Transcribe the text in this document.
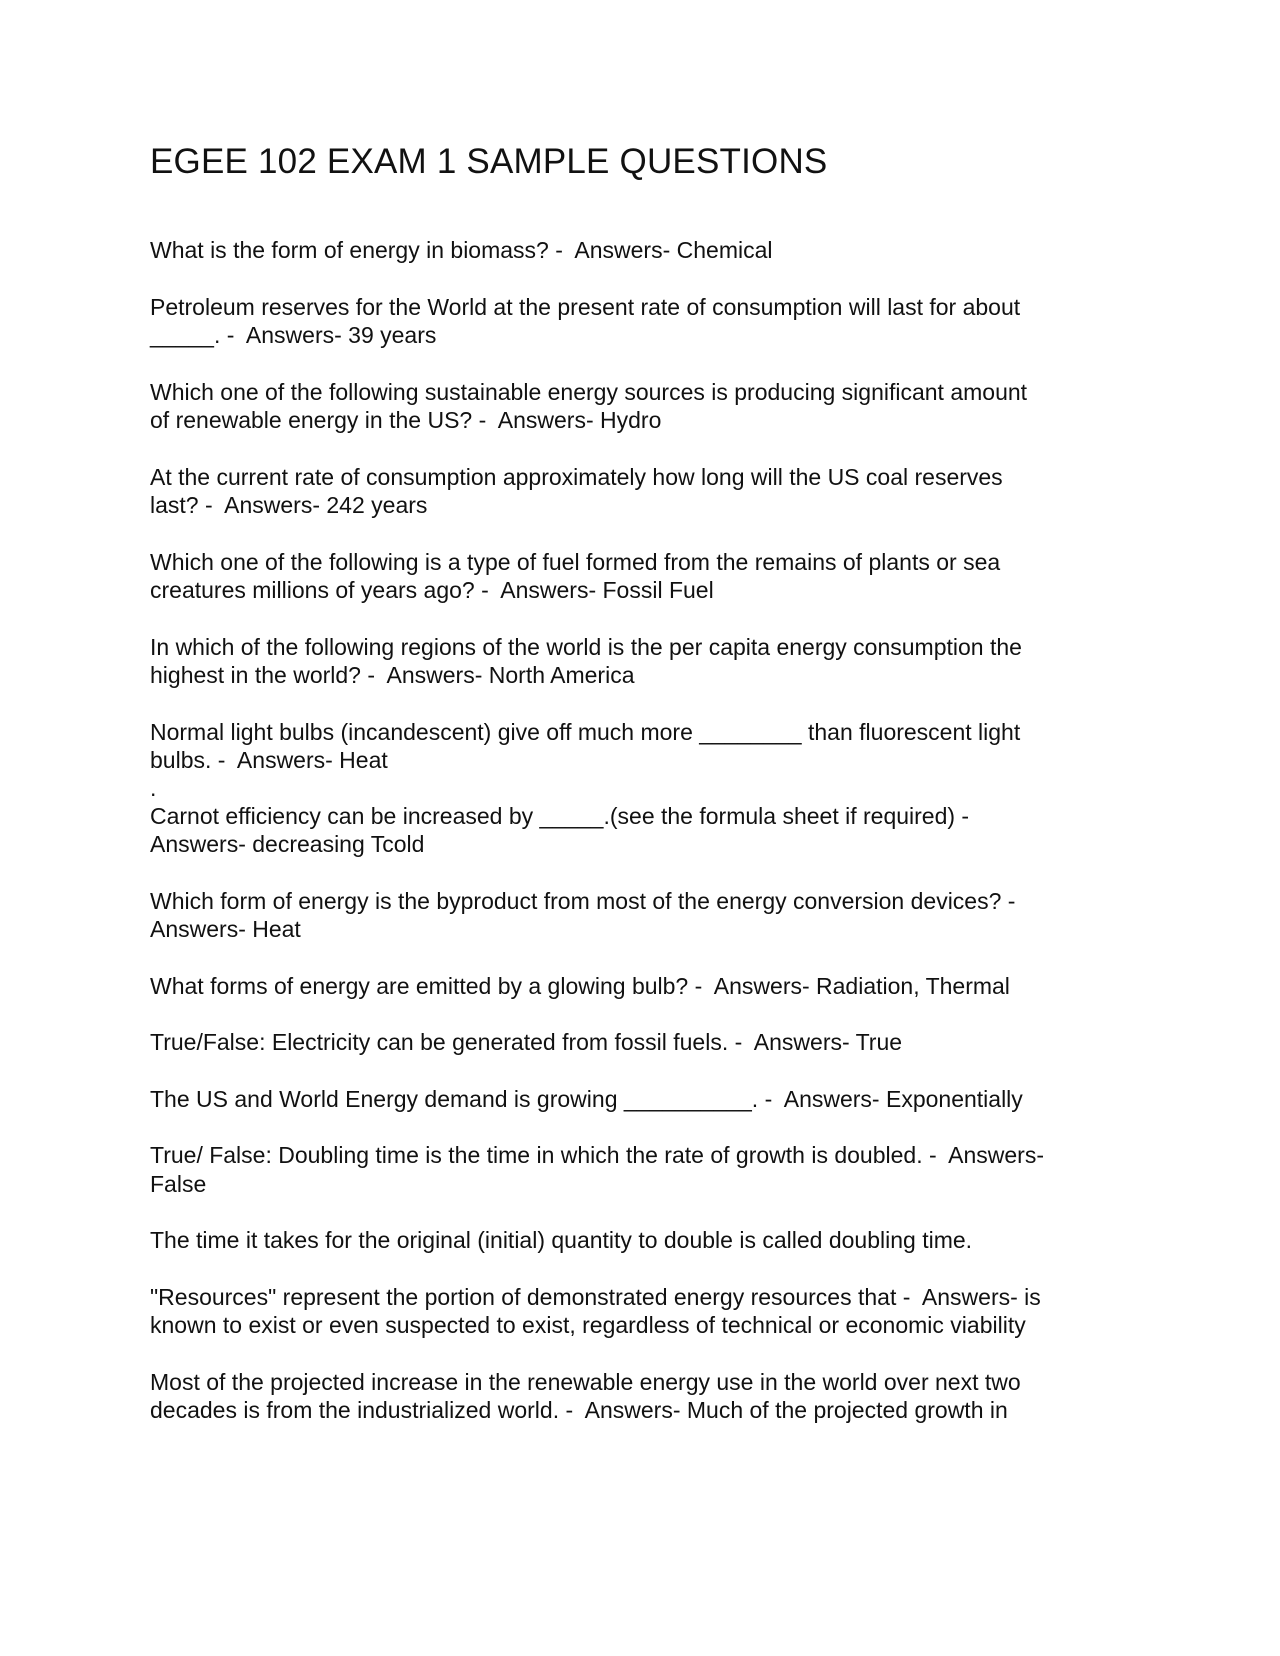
EGEE 102 EXAM 1 SAMPLE QUESTIONS

What is the form of energy in biomass? -  Answers- Chemical

Petroleum reserves for the World at the present rate of consumption will last for about
_____. -  Answers- 39 years

Which one of the following sustainable energy sources is producing significant amount
of renewable energy in the US? -  Answers- Hydro

At the current rate of consumption approximately how long will the US coal reserves
last? -  Answers- 242 years

Which one of the following is a type of fuel formed from the remains of plants or sea
creatures millions of years ago? -  Answers- Fossil Fuel

In which of the following regions of the world is the per capita energy consumption the
highest in the world? -  Answers- North America

Normal light bulbs (incandescent) give off much more ________ than fluorescent light
bulbs. -  Answers- Heat

.

Carnot efficiency can be increased by _____.(see the formula sheet if required) -
Answers- decreasing Tcold

Which form of energy is the byproduct from most of the energy conversion devices? -
Answers- Heat

What forms of energy are emitted by a glowing bulb? -  Answers- Radiation, Thermal

True/False: Electricity can be generated from fossil fuels. -  Answers- True

The US and World Energy demand is growing __________. -  Answers- Exponentially

True/ False: Doubling time is the time in which the rate of growth is doubled. -  Answers-
False

The time it takes for the original (initial) quantity to double is called doubling time.

"Resources" represent the portion of demonstrated energy resources that -  Answers- is
known to exist or even suspected to exist, regardless of technical or economic viability

Most of the projected increase in the renewable energy use in the world over next two
decades is from the industrialized world. -  Answers- Much of the projected growth in
